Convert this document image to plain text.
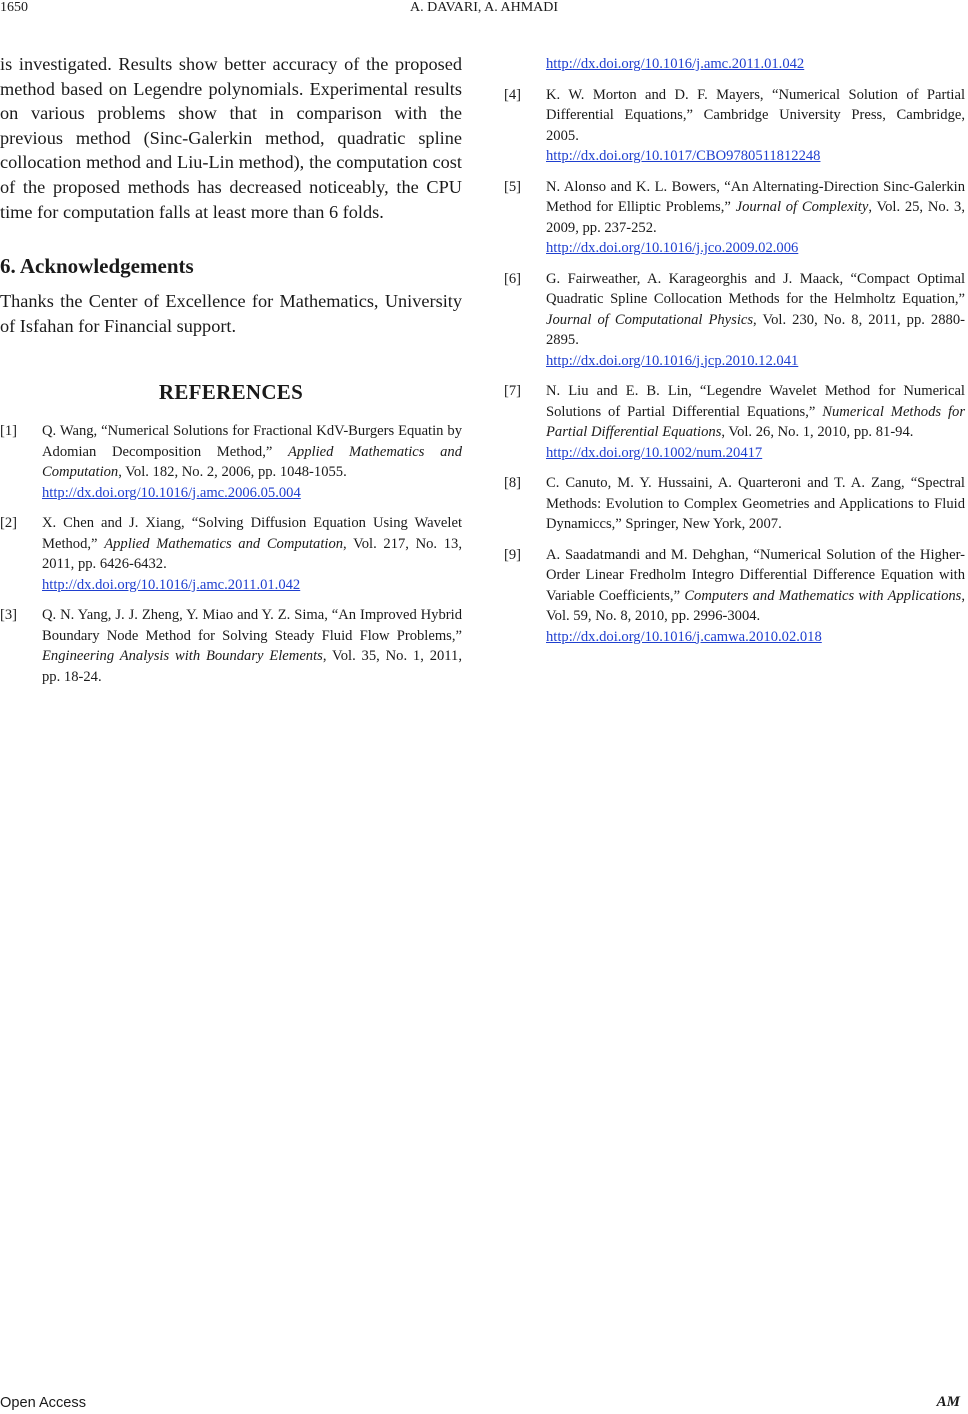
1650	A. DAVARI, A. AHMADI

is investigated. Results show better accuracy of the proposed method based on Legendre polynomials. Experimental results on various problems show that in comparison with the previous method (Sinc-Galerkin method, quadratic spline collocation method and Liu-Lin method), the computation cost of the proposed methods has decreased noticeably, the CPU time for computation falls at least more than 6 folds.

6. Acknowledgements

Thanks the Center of Excellence for Mathematics, University of Isfahan for Financial support.

REFERENCES
[1]	Q. Wang, “Numerical Solutions for Fractional KdV-Burgers Equatin by Adomian Decomposition Method,” Applied Mathematics and Computation, Vol. 182, No. 2, 2006, pp. 1048-1055.
http://dx.doi.org/10.1016/j.amc.2006.05.004
[2]	X. Chen and J. Xiang, “Solving Diffusion Equation Using Wavelet Method,” Applied Mathematics and Computation, Vol. 217, No. 13, 2011, pp. 6426-6432.
http://dx.doi.org/10.1016/j.amc.2011.01.042
[3]	Q. N. Yang, J. J. Zheng, Y. Miao and Y. Z. Sima, “An Improved Hybrid Boundary Node Method for Solving Steady Fluid Flow Problems,” Engineering Analysis with Boundary Elements, Vol. 35, No. 1, 2011, pp. 18-24.
http://dx.doi.org/10.1016/j.amc.2011.01.042
[4]	K. W. Morton and D. F. Mayers, “Numerical Solution of Partial Differential Equations,” Cambridge University Press, Cambridge, 2005.
http://dx.doi.org/10.1017/CBO9780511812248
[5]	N. Alonso and K. L. Bowers, “An Alternating-Direction Sinc-Galerkin Method for Elliptic Problems,” Journal of Complexity, Vol. 25, No. 3, 2009, pp. 237-252.
http://dx.doi.org/10.1016/j.jco.2009.02.006
[6]	G. Fairweather, A. Karageorghis and J. Maack, “Compact Optimal Quadratic Spline Collocation Methods for the Helmholtz Equation,” Journal of Computational Physics, Vol. 230, No. 8, 2011, pp. 2880-2895.
http://dx.doi.org/10.1016/j.jcp.2010.12.041
[7]	N. Liu and E. B. Lin, “Legendre Wavelet Method for Numerical Solutions of Partial Differential Equations,” Numerical Methods for Partial Differential Equations, Vol. 26, No. 1, 2010, pp. 81-94.
http://dx.doi.org/10.1002/num.20417
[8]	C. Canuto, M. Y. Hussaini, A. Quarteroni and T. A. Zang, “Spectral Methods: Evolution to Complex Geometries and Applications to Fluid Dynamiccs,” Springer, New York, 2007.
[9]	A. Saadatmandi and M. Dehghan, “Numerical Solution of the Higher-Order Linear Fredholm Integro Differential Difference Equation with Variable Coefficients,” Computers and Mathematics with Applications, Vol. 59, No. 8, 2010, pp. 2996-3004.
http://dx.doi.org/10.1016/j.camwa.2010.02.018
Open Access	AM
